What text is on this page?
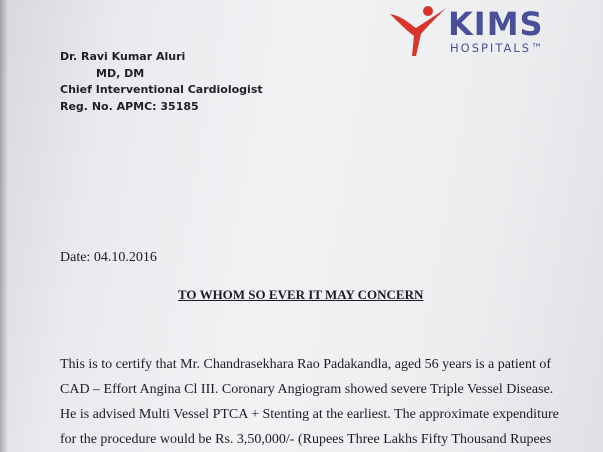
KIMS
HOSPITALS™
Dr. Ravi Kumar Aluri
MD, DM
Chief Interventional Cardiologist
Reg. No. APMC: 35185
Date: 04.10.2016
TO WHOM SO EVER IT MAY CONCERN
This is to certify that Mr. Chandrasekhara Rao Padakandla, aged 56 years is a patient of
CAD – Effort Angina Cl III. Coronary Angiogram showed severe Triple Vessel Disease.
He is advised Multi Vessel PTCA + Stenting at the earliest. The approximate expenditure
for the procedure would be Rs. 3,50,000/- (Rupees Three Lakhs Fifty Thousand Rupees
